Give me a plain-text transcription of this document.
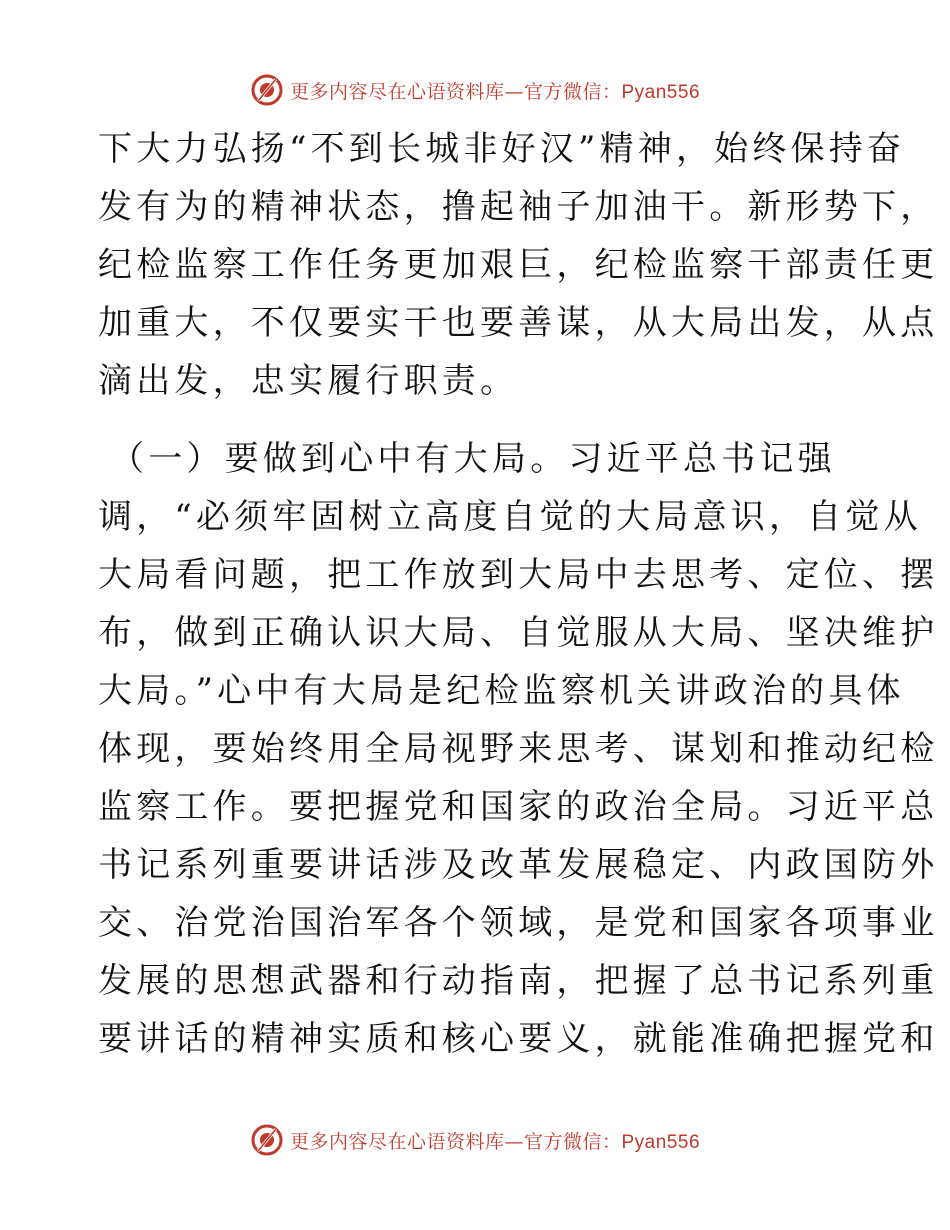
更多内容尽在心语资料库—官方微信：Pyan556
下大力弘扬“不到长城非好汉”精神，始终保持奋
发有为的精神状态，撸起袖子加油干。新形势下，
纪检监察工作任务更加艰巨，纪检监察干部责任更
加重大，不仅要实干也要善谋，从大局出发，从点
滴出发，忠实履行职责。
（一）要做到心中有大局。习近平总书记强
调，“必须牢固树立高度自觉的大局意识，自觉从
大局看问题，把工作放到大局中去思考、定位、摆
布，做到正确认识大局、自觉服从大局、坚决维护
大局。”心中有大局是纪检监察机关讲政治的具体
体现，要始终用全局视野来思考、谋划和推动纪检
监察工作。要把握党和国家的政治全局。习近平总
书记系列重要讲话涉及改革发展稳定、内政国防外
交、治党治国治军各个领域，是党和国家各项事业
发展的思想武器和行动指南，把握了总书记系列重
要讲话的精神实质和核心要义，就能准确把握党和
更多内容尽在心语资料库—官方微信：Pyan556
